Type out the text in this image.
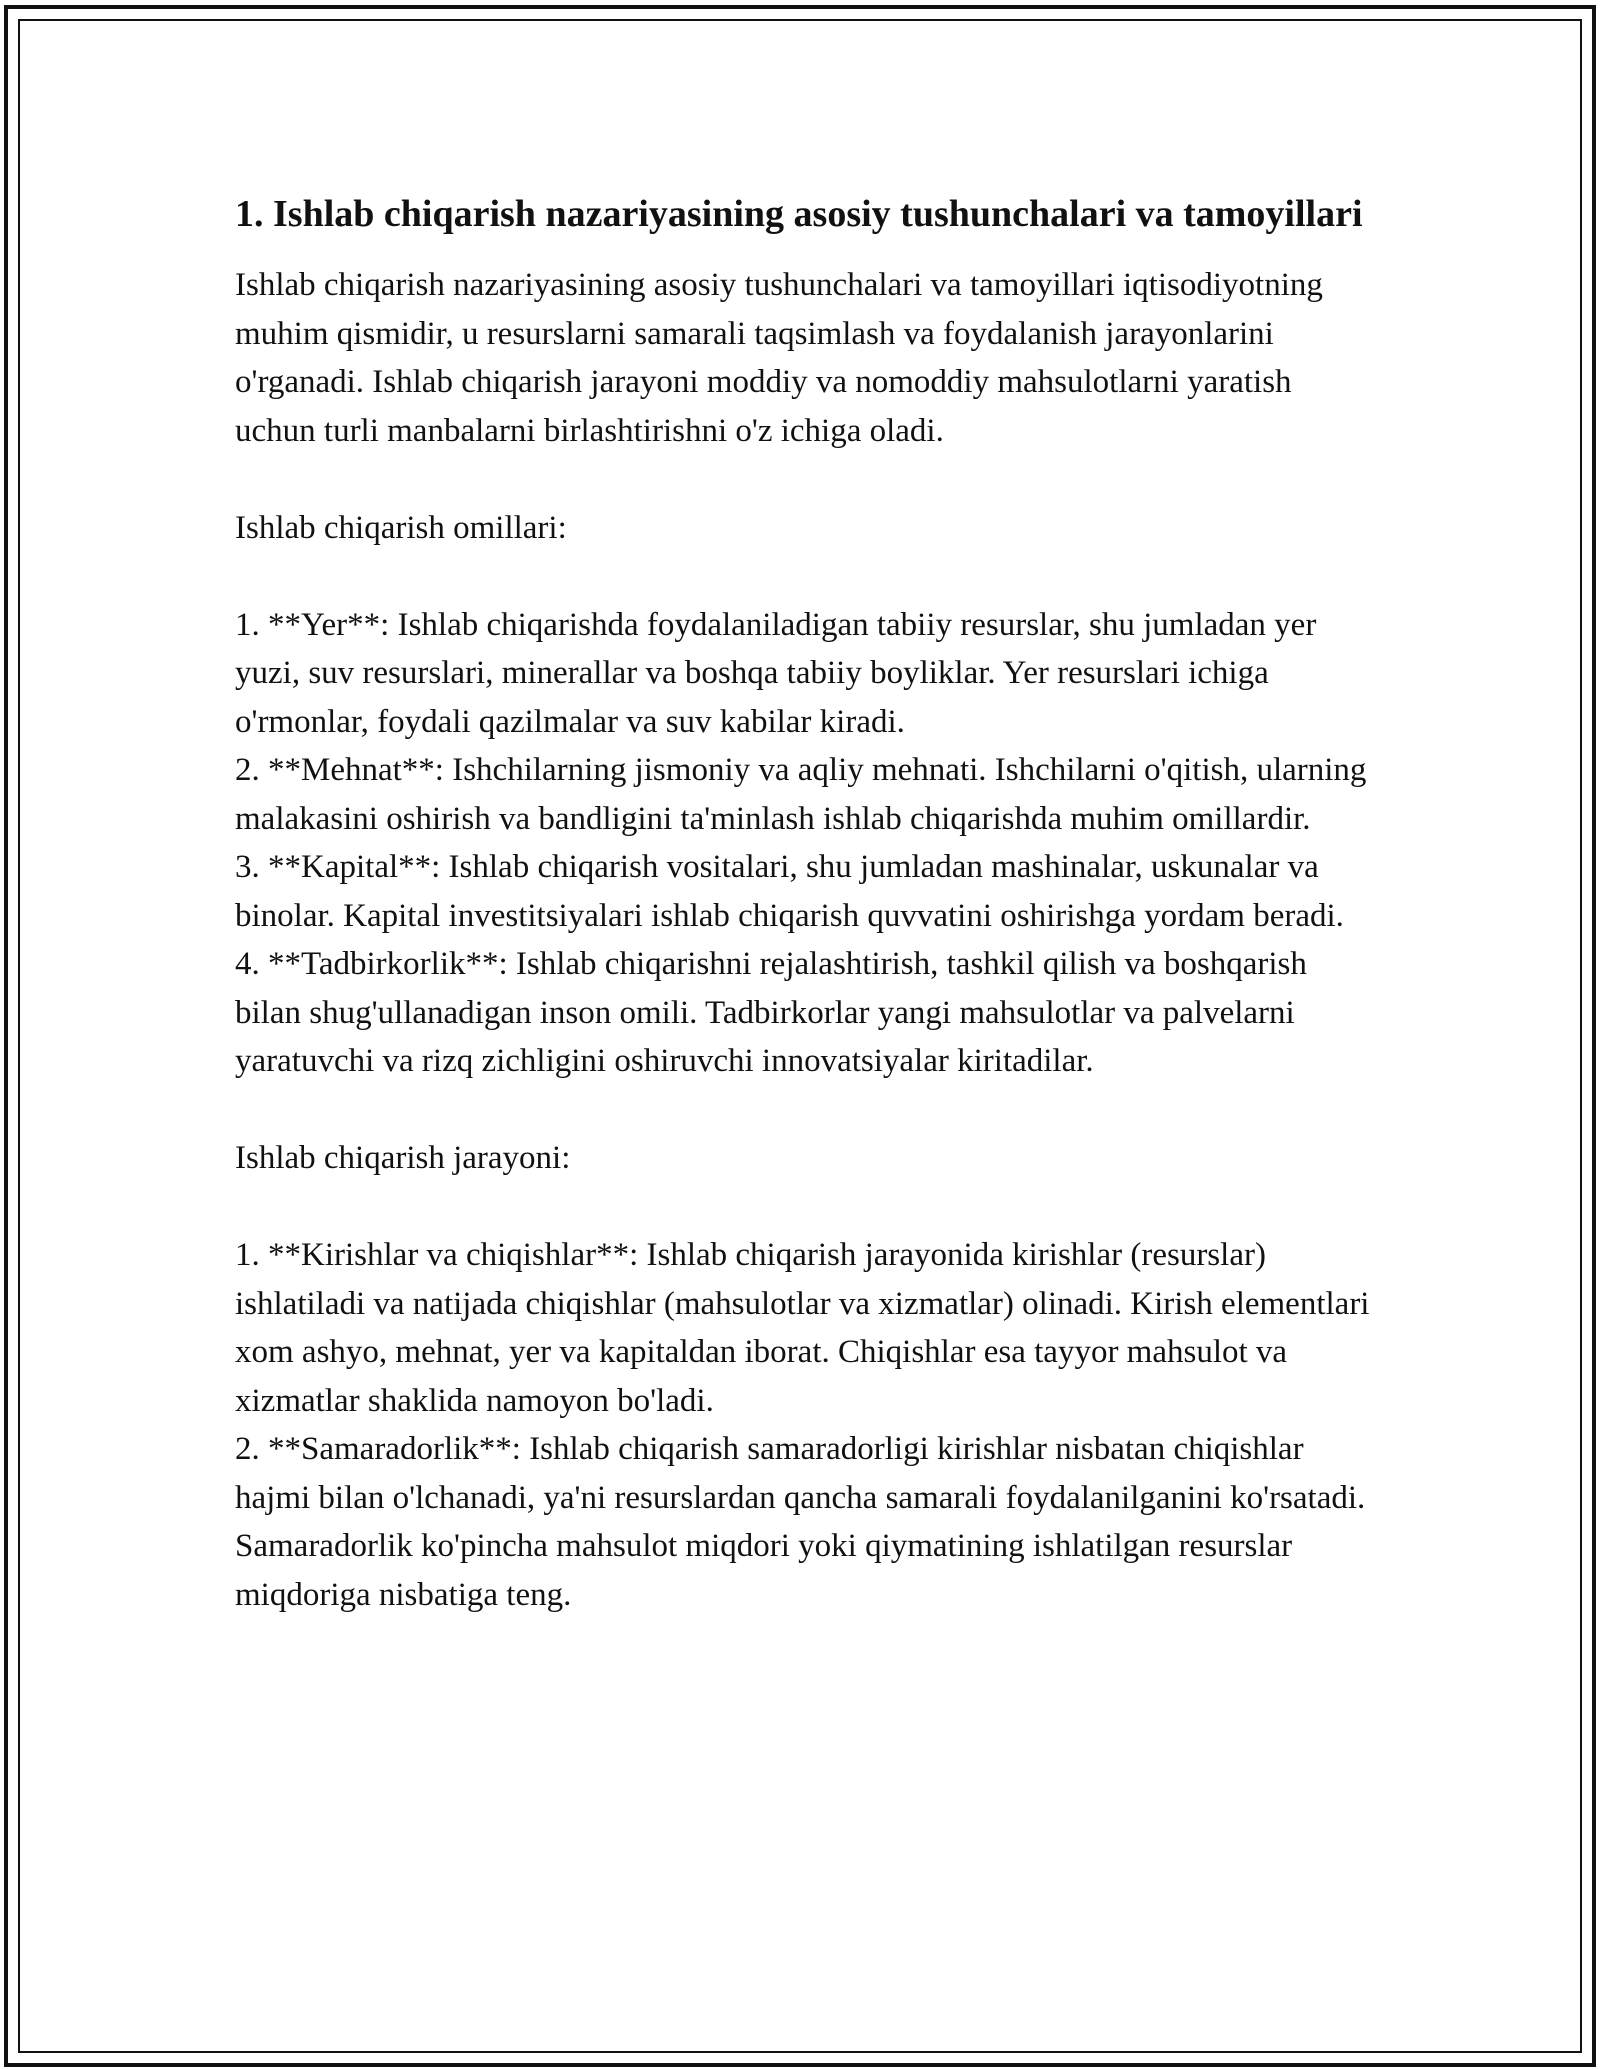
1. Ishlab chiqarish nazariyasining asosiy tushunchalari va tamoyillari

Ishlab chiqarish nazariyasining asosiy tushunchalari va tamoyillari iqtisodiyotning muhim qismidir, u resurslarni samarali taqsimlash va foydalanish jarayonlarini o'rganadi. Ishlab chiqarish jarayoni moddiy va nomoddiy mahsulotlarni yaratish uchun turli manbalarni birlashtirishni o'z ichiga oladi.

Ishlab chiqarish omillari:

1. **Yer**: Ishlab chiqarishda foydalaniladigan tabiiy resurslar, shu jumladan yer yuzi, suv resurslari, minerallar va boshqa tabiiy boyliklar. Yer resurslari ichiga o'rmonlar, foydali qazilmalar va suv kabilar kiradi.

2. **Mehnat**: Ishchilarning jismoniy va aqliy mehnati. Ishchilarni o'qitish, ularning malakasini oshirish va bandligini ta'minlash ishlab chiqarishda muhim omillardir.

3. **Kapital**: Ishlab chiqarish vositalari, shu jumladan mashinalar, uskunalar va binolar. Kapital investitsiyalari ishlab chiqarish quvvatini oshirishga yordam beradi.

4. **Tadbirkorlik**: Ishlab chiqarishni rejalashtirish, tashkil qilish va boshqarish bilan shug'ullanadigan inson omili. Tadbirkorlar yangi mahsulotlar va palvelarni yaratuvchi va rizq zichligini oshiruvchi innovatsiyalar kiritadilar.

Ishlab chiqarish jarayoni:

1. **Kirishlar va chiqishlar**: Ishlab chiqarish jarayonida kirishlar (resurslar) ishlatiladi va natijada chiqishlar (mahsulotlar va xizmatlar) olinadi. Kirish elementlari xom ashyo, mehnat, yer va kapitaldan iborat. Chiqishlar esa tayyor mahsulot va xizmatlar shaklida namoyon bo'ladi.

2. **Samaradorlik**: Ishlab chiqarish samaradorligi kirishlar nisbatan chiqishlar hajmi bilan o'lchanadi, ya'ni resurslardan qancha samarali foydalanilganini ko'rsatadi. Samaradorlik ko'pincha mahsulot miqdori yoki qiymatining ishlatilgan resurslar miqdoriga nisbatiga teng.
